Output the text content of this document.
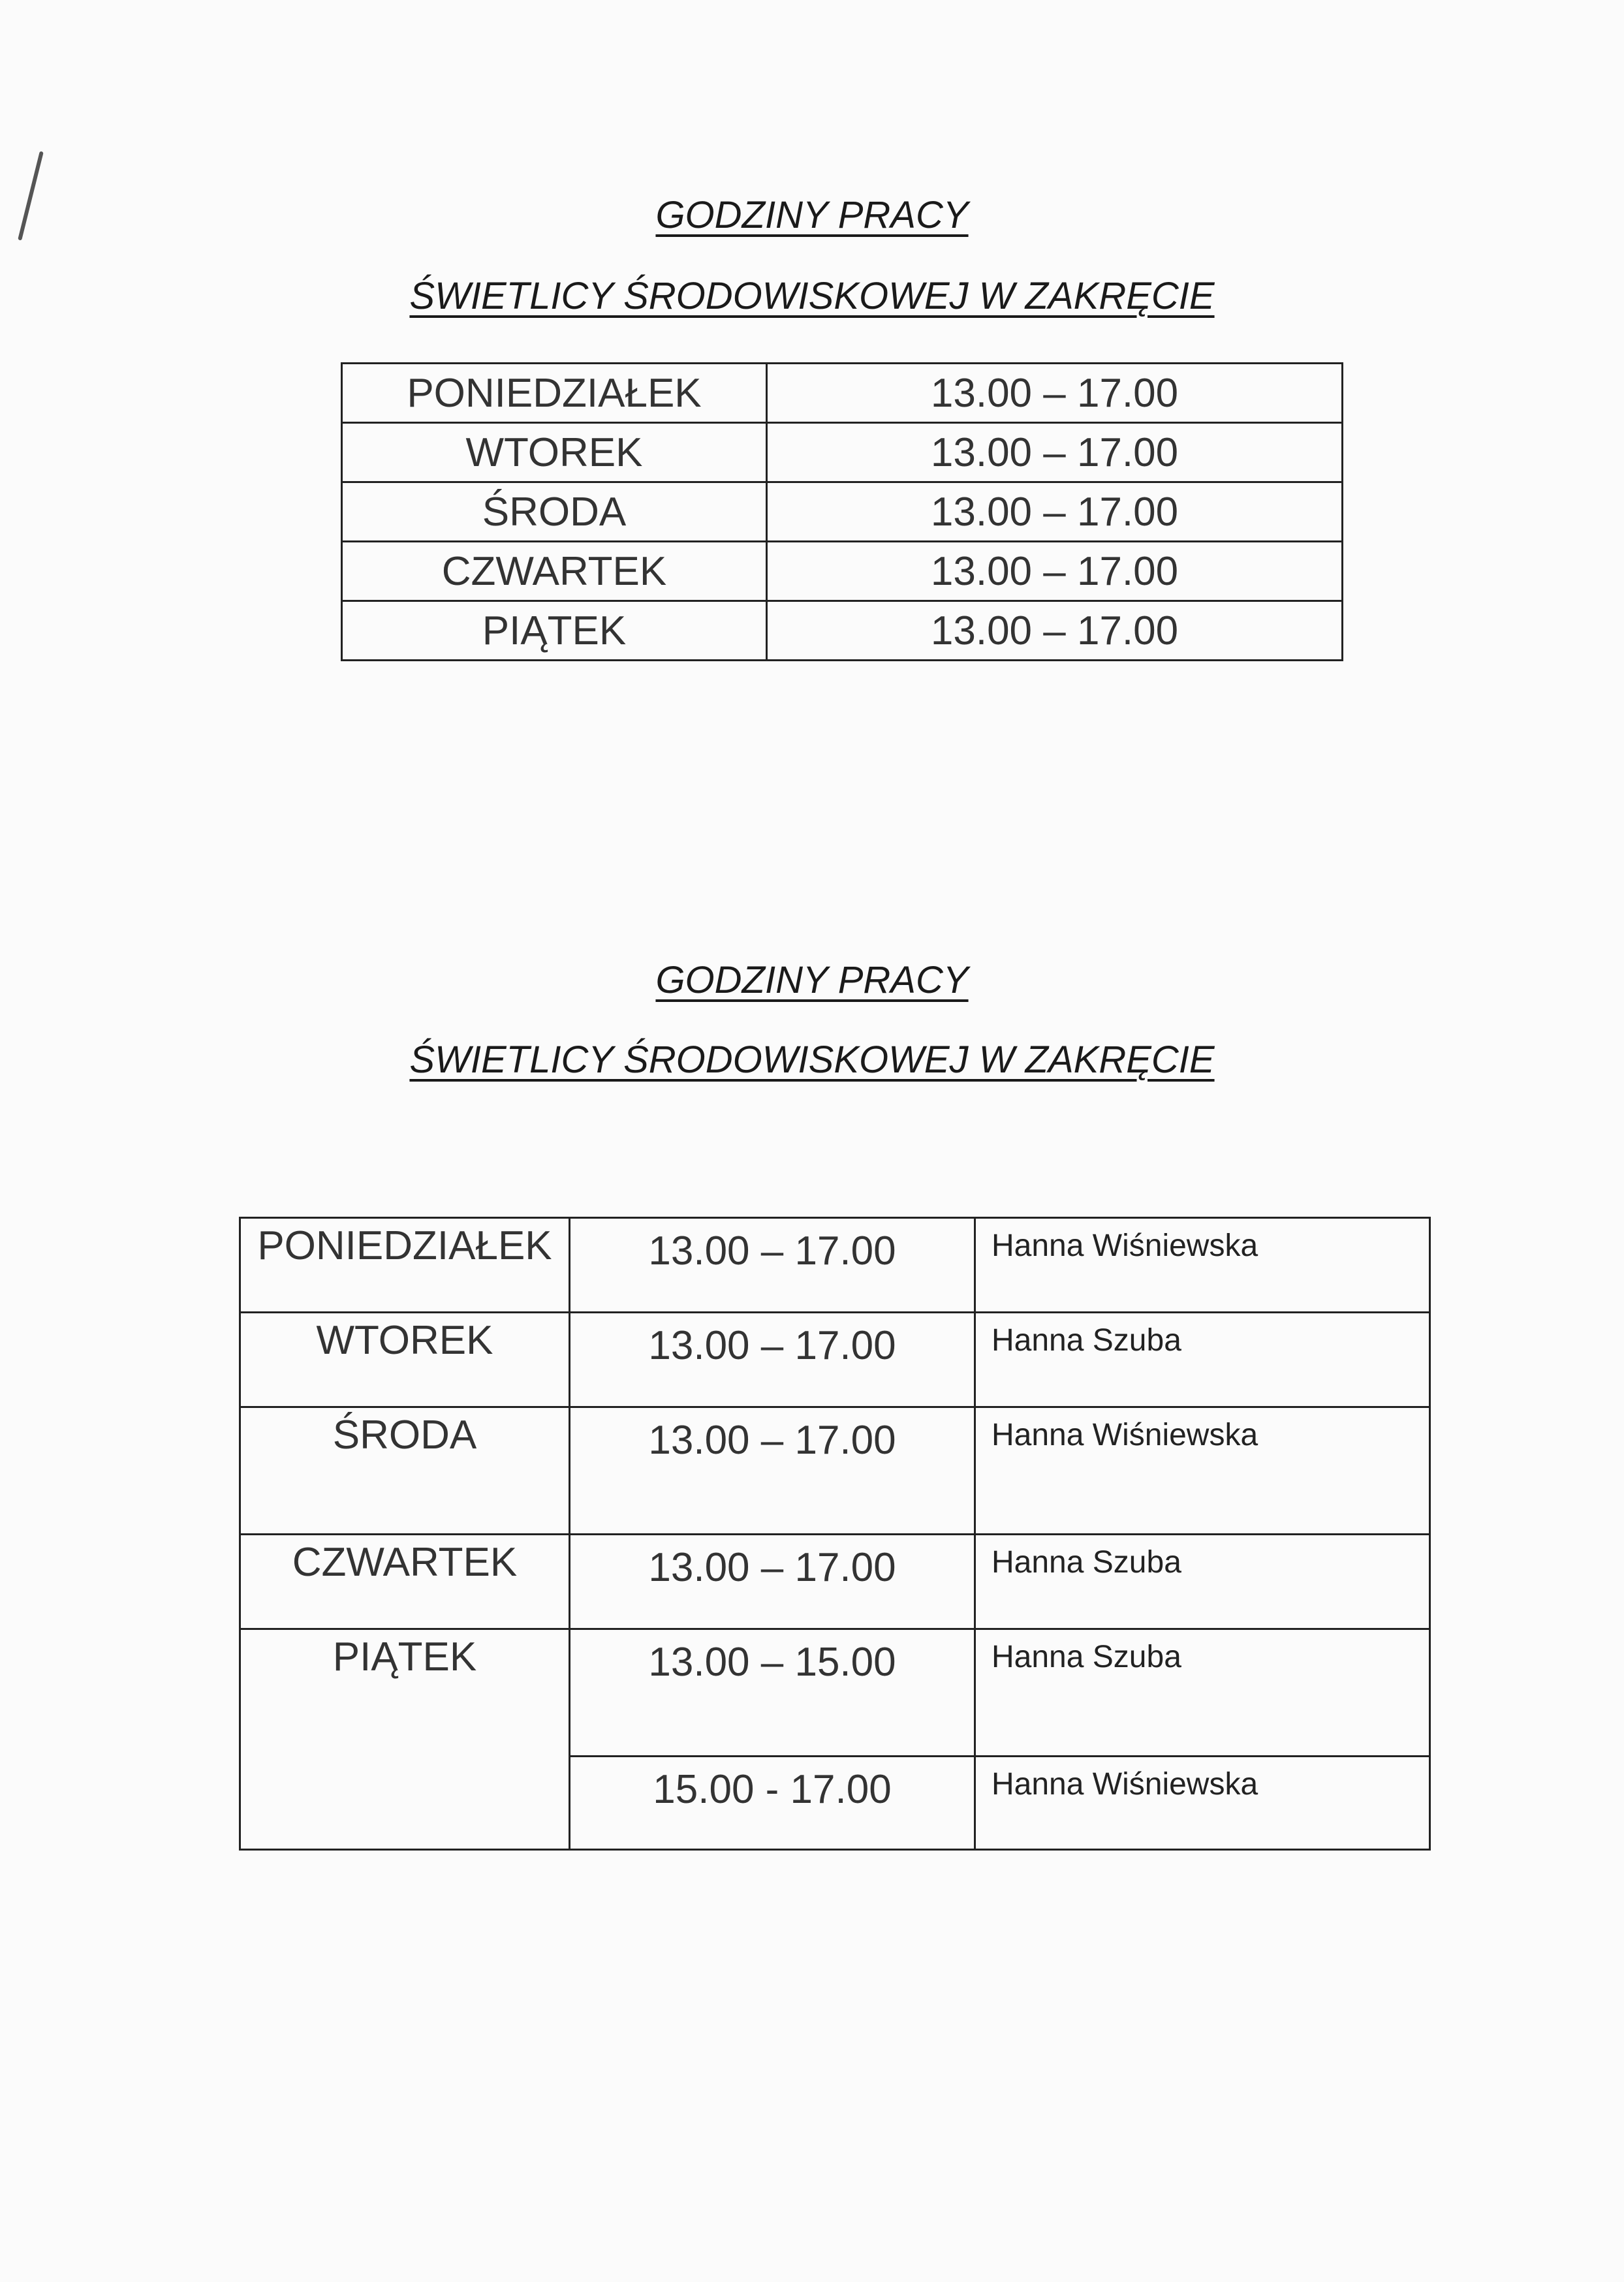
GODZINY PRACY
ŚWIETLICY ŚRODOWISKOWEJ W ZAKRĘCIE
PONIEDZIAŁEK	13.00 – 17.00
WTOREK	13.00 – 17.00
ŚRODA	13.00 – 17.00
CZWARTEK	13.00 – 17.00
PIĄTEK	13.00 – 17.00
GODZINY PRACY
ŚWIETLICY ŚRODOWISKOWEJ W ZAKRĘCIE
PONIEDZIAŁEK	13.00 – 17.00	Hanna Wiśniewska
WTOREK	13.00 – 17.00	Hanna Szuba
ŚRODA	13.00 – 17.00	Hanna Wiśniewska
CZWARTEK	13.00 – 17.00	Hanna Szuba
PIĄTEK	13.00 – 15.00	Hanna Szuba
	15.00 - 17.00	Hanna Wiśniewska
